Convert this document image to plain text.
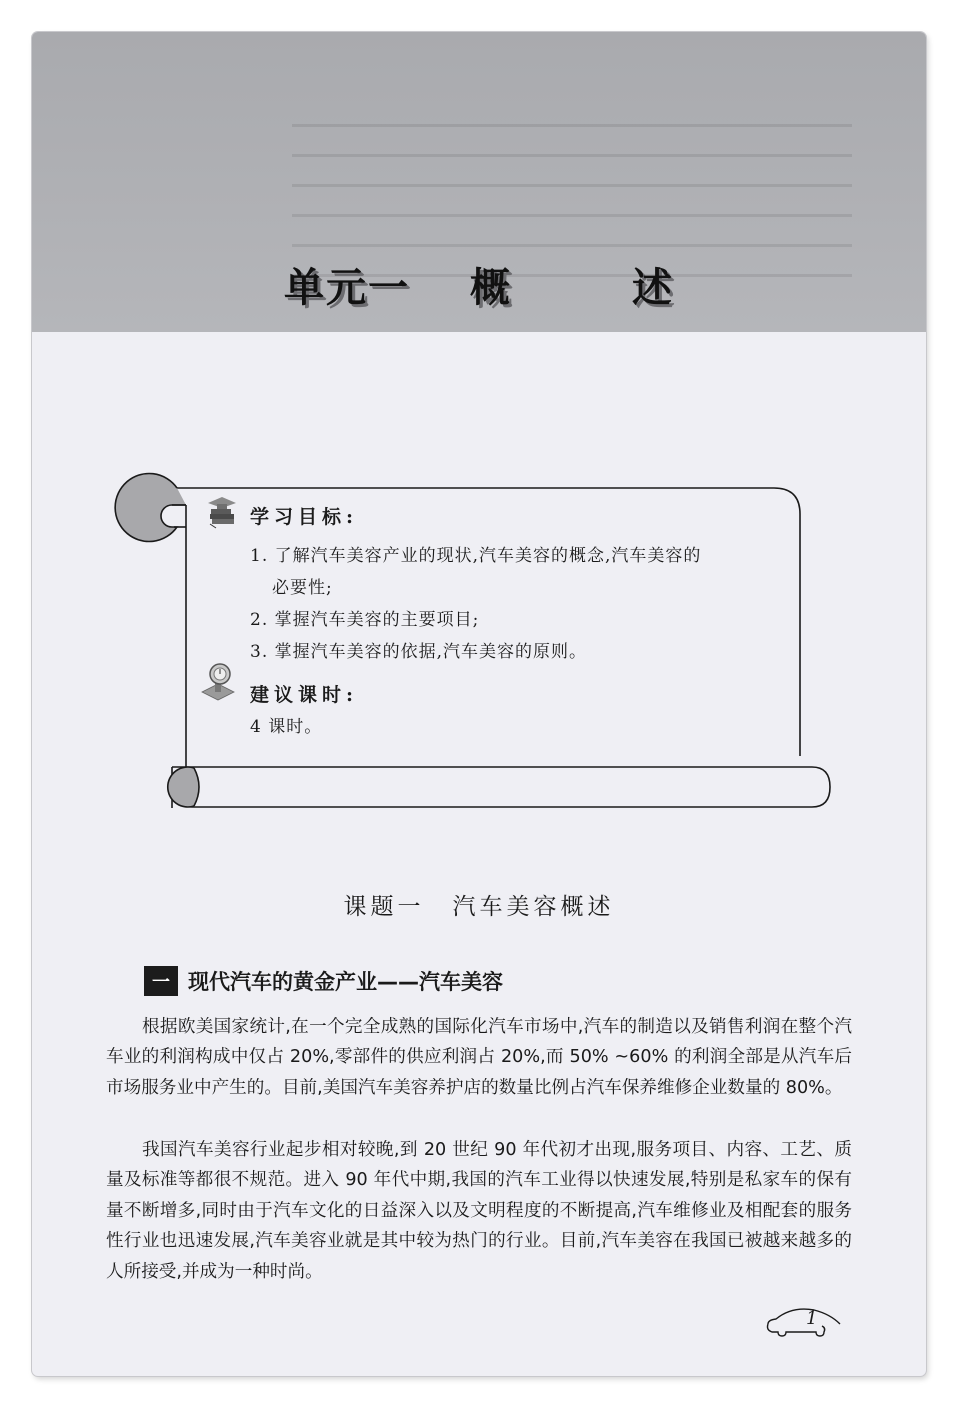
单元一 概	述
学习目标:
1. 了解汽车美容产业的现状,汽车美容的概念,汽车美容的
必要性;
2. 掌握汽车美容的主要项目;
3. 掌握汽车美容的依据,汽车美容的原则。
建议课时:
4 课时。
课题一 汽车美容概述
一 现代汽车的黄金产业——汽车美容

根据欧美国家统计,在一个完全成熟的国际化汽车市场中,汽车的制造以及销售利润在整个汽车业的利润构成中仅占 20%,零部件的供应利润占 20%,而 50% ~60% 的利润全部是从汽车后市场服务业中产生的。目前,美国汽车美容养护店的数量比例占汽车保养维修企业数量的 80%。

我国汽车美容行业起步相对较晚,到 20 世纪 90 年代初才出现,服务项目、内容、工艺、质量及标准等都很不规范。进入 90 年代中期,我国的汽车工业得以快速发展,特别是私家车的保有量不断增多,同时由于汽车文化的日益深入以及文明程度的不断提高,汽车维修业及相配套的服务性行业也迅速发展,汽车美容业就是其中较为热门的行业。目前,汽车美容在我国已被越来越多的人所接受,并成为一种时尚。

1
